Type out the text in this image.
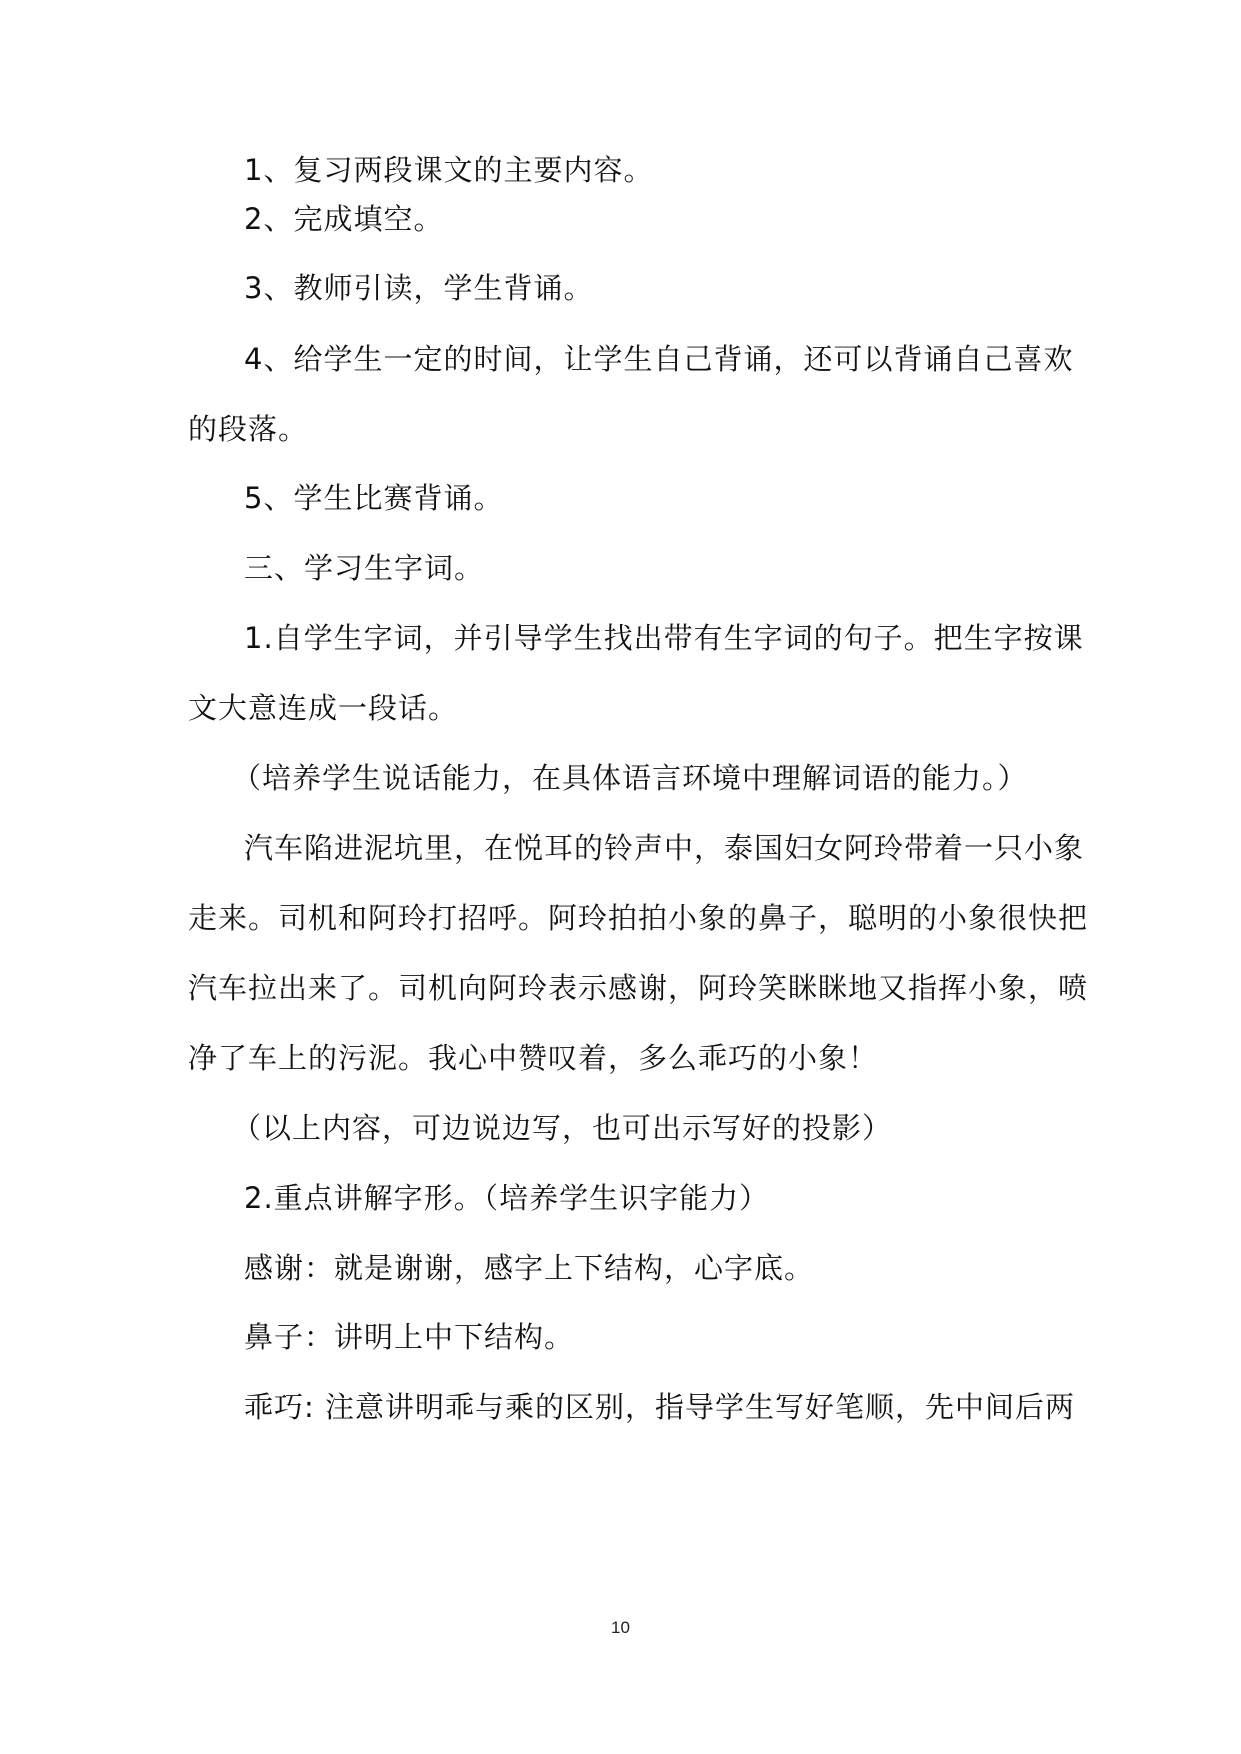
1、复习两段课文的主要内容。

2、完成填空。

3、教师引读，学生背诵。

4、给学生一定的时间，让学生自己背诵，还可以背诵自己喜欢

的段落。

5、学生比赛背诵。

三、学习生字词。

1.自学生字词，并引导学生找出带有生字词的句子。把生字按课

文大意连成一段话。

（培养学生说话能力，在具体语言环境中理解词语的能力。）

汽车陷进泥坑里，在悦耳的铃声中，泰国妇女阿玲带着一只小象

走来。司机和阿玲打招呼。阿玲拍拍小象的鼻子，聪明的小象很快把

汽车拉出来了。司机向阿玲表示感谢，阿玲笑眯眯地又指挥小象，喷

净了车上的污泥。我心中赞叹着，多么乖巧的小象！

（以上内容，可边说边写，也可出示写好的投影）

2.重点讲解字形。（培养学生识字能力）

感谢：就是谢谢，感字上下结构，心字底。

鼻子：讲明上中下结构。

乖巧: 注意讲明乖与乘的区别，指导学生写好笔顺，先中间后两

10
